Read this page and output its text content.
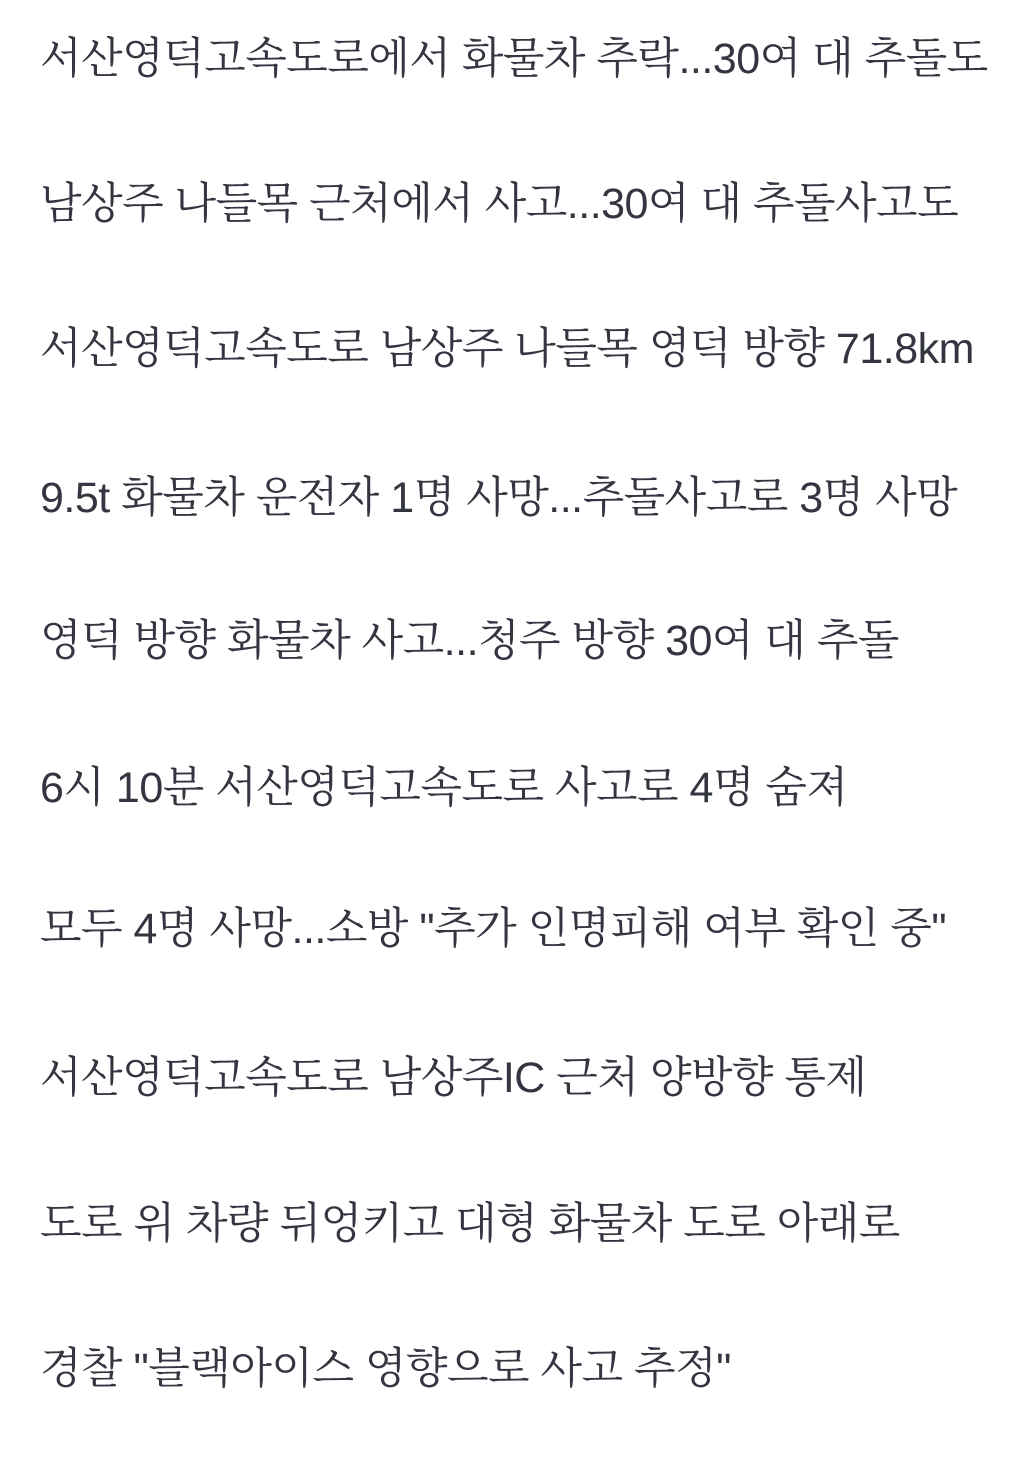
서산영덕고속도로에서 화물차 추락...30여 대 추돌도
남상주 나들목 근처에서 사고...30여 대 추돌사고도
서산영덕고속도로 남상주 나들목 영덕 방향 71.8km
9.5t 화물차 운전자 1명 사망...추돌사고로 3명 사망
영덕 방향 화물차 사고...청주 방향 30여 대 추돌
6시 10분 서산영덕고속도로 사고로 4명 숨져
모두 4명 사망...소방 "추가 인명피해 여부 확인 중"
서산영덕고속도로 남상주IC 근처 양방향 통제
도로 위 차량 뒤엉키고 대형 화물차 도로 아래로
경찰 "블랙아이스 영향으로 사고 추정"
